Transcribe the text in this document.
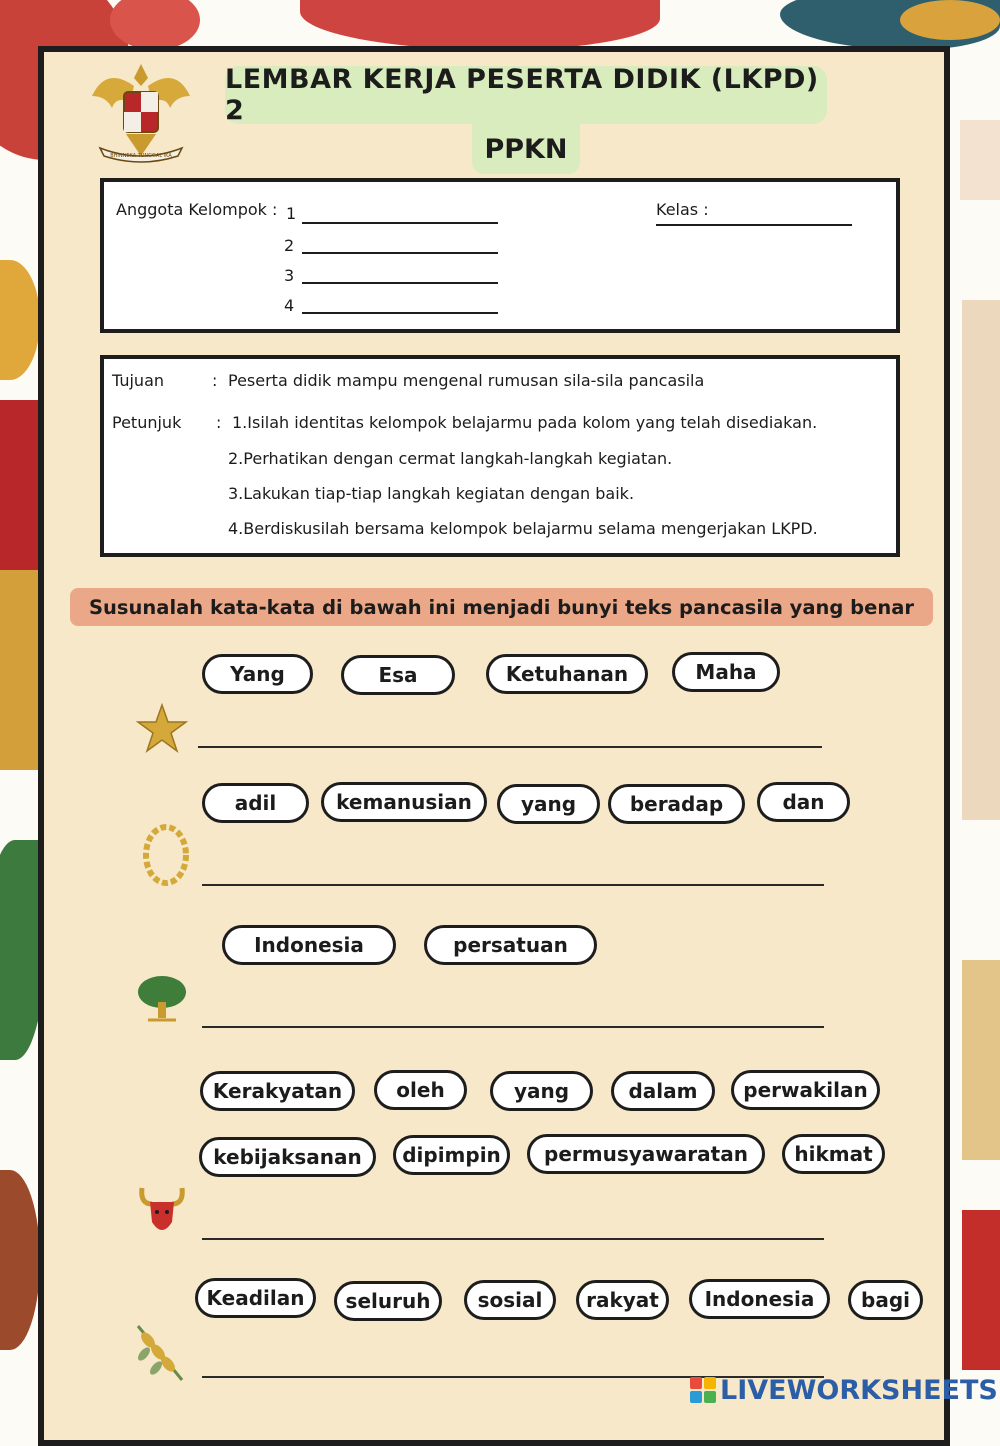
BHINNEKA TUNGGAL IKA
LEMBAR KERJA PESERTA DIDIK (LKPD) 2
PPKN
Anggota Kelompok : 1
2
3
4
Kelas :
Tujuan	: Peserta didik mampu mengenal rumusan sila-sila pancasila
Petunjuk : 1.Isilah identitas kelompok belajarmu pada kolom yang telah disediakan.
2.Perhatikan dengan cermat langkah-langkah kegiatan.
3.Lakukan tiap-tiap langkah kegiatan dengan baik.
4.Berdiskusilah bersama kelompok belajarmu selama mengerjakan LKPD.
Susunalah kata-kata di bawah ini menjadi bunyi teks pancasila yang benar
Yang	Esa	Ketuhanan	Maha
adil	kemanusian	yang	beradap	dan
Indonesia	persatuan
Kerakyatan	oleh	yang	dalam	perwakilan
kebijaksanan	dipimpin	permusyawaratan	hikmat
Keadilan	seluruh	sosial	rakyat	Indonesia	bagi
LIVEWORKSHEETS
